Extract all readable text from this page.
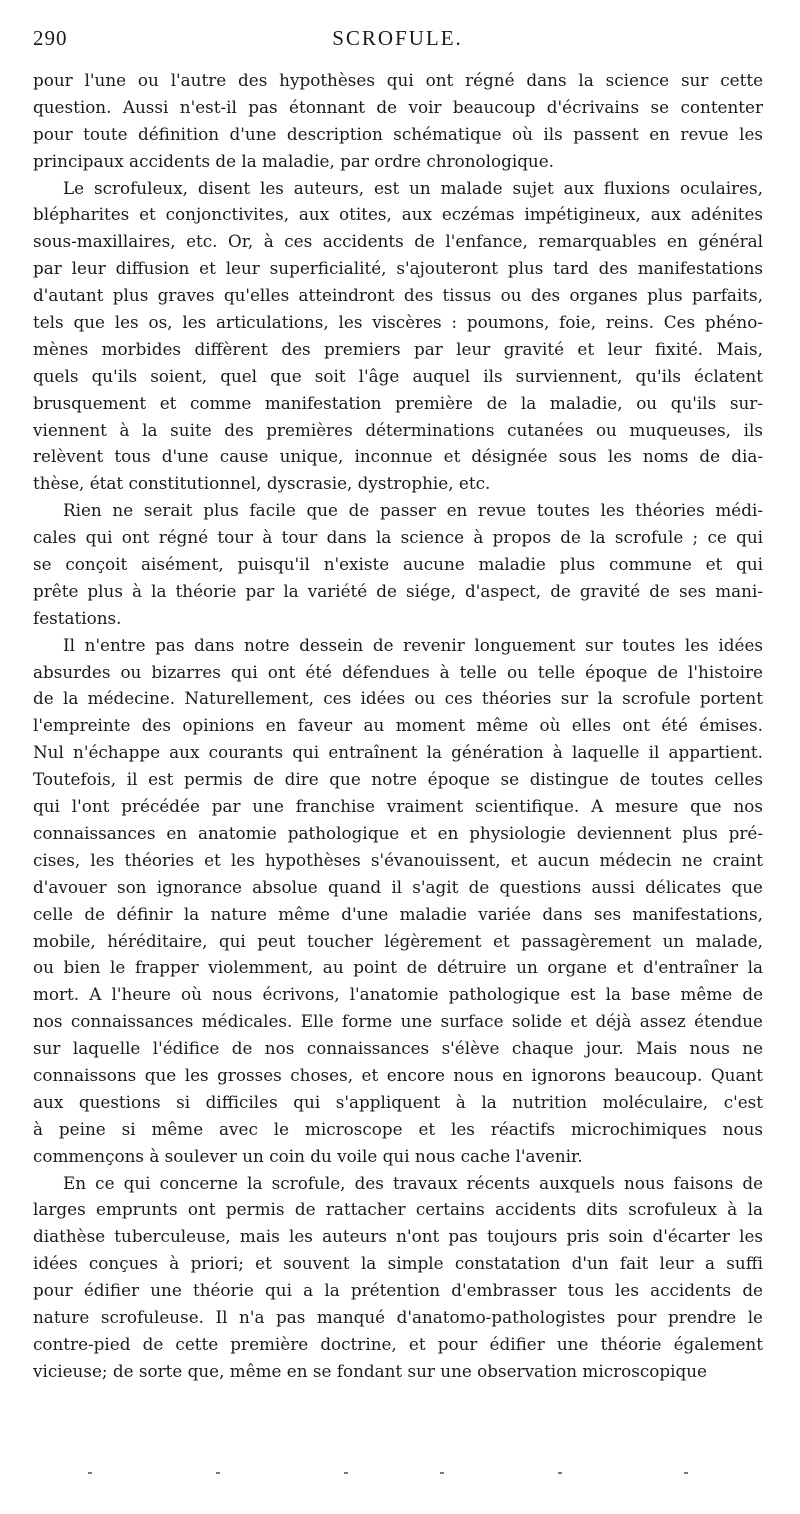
290	SCROFULE.
pour l'une ou l'autre des hypothèses qui ont régné dans la science sur cette
question. Aussi n'est-il pas étonnant de voir beaucoup d'écrivains se contenter
pour toute définition d'une description schématique où ils passent en revue les
principaux accidents de la maladie, par ordre chronologique.
Le scrofuleux, disent les auteurs, est un malade sujet aux fluxions oculaires,
blépharites et conjonctivites, aux otites, aux eczémas impétigineux, aux adénites
sous-maxillaires, etc. Or, à ces accidents de l'enfance, remarquables en général
par leur diffusion et leur superficialité, s'ajouteront plus tard des manifestations
d'autant plus graves qu'elles atteindront des tissus ou des organes plus parfaits,
tels que les os, les articulations, les viscères : poumons, foie, reins. Ces phéno-
mènes morbides diffèrent des premiers par leur gravité et leur fixité. Mais,
quels qu'ils soient, quel que soit l'âge auquel ils surviennent, qu'ils éclatent
brusquement et comme manifestation première de la maladie, ou qu'ils sur-
viennent à la suite des premières déterminations cutanées ou muqueuses, ils
relèvent tous d'une cause unique, inconnue et désignée sous les noms de dia-
thèse, état constitutionnel, dyscrasie, dystrophie, etc.
Rien ne serait plus facile que de passer en revue toutes les théories médi-
cales qui ont régné tour à tour dans la science à propos de la scrofule ; ce qui
se conçoit aisément, puisqu'il n'existe aucune maladie plus commune et qui
prête plus à la théorie par la variété de siége, d'aspect, de gravité de ses mani-
festations.
Il n'entre pas dans notre dessein de revenir longuement sur toutes les idées
absurdes ou bizarres qui ont été défendues à telle ou telle époque de l'histoire
de la médecine. Naturellement, ces idées ou ces théories sur la scrofule portent
l'empreinte des opinions en faveur au moment même où elles ont été émises.
Nul n'échappe aux courants qui entraînent la génération à laquelle il appartient.
Toutefois, il est permis de dire que notre époque se distingue de toutes celles
qui l'ont précédée par une franchise vraiment scientifique. A mesure que nos
connaissances en anatomie pathologique et en physiologie deviennent plus pré-
cises, les théories et les hypothèses s'évanouissent, et aucun médecin ne craint
d'avouer son ignorance absolue quand il s'agit de questions aussi délicates que
celle de définir la nature même d'une maladie variée dans ses manifestations,
mobile, héréditaire, qui peut toucher légèrement et passagèrement un malade,
ou bien le frapper violemment, au point de détruire un organe et d'entraîner la
mort. A l'heure où nous écrivons, l'anatomie pathologique est la base même de
nos connaissances médicales. Elle forme une surface solide et déjà assez étendue
sur laquelle l'édifice de nos connaissances s'élève chaque jour. Mais nous ne
connaissons que les grosses choses, et encore nous en ignorons beaucoup. Quant
aux questions si difficiles qui s'appliquent à la nutrition moléculaire, c'est
à peine si même avec le microscope et les réactifs microchimiques nous
commençons à soulever un coin du voile qui nous cache l'avenir.
En ce qui concerne la scrofule, des travaux récents auxquels nous faisons de
larges emprunts ont permis de rattacher certains accidents dits scrofuleux à la
diathèse tuberculeuse, mais les auteurs n'ont pas toujours pris soin d'écarter les
idées conçues à priori; et souvent la simple constatation d'un fait leur a suffi
pour édifier une théorie qui a la prétention d'embrasser tous les accidents de
nature scrofuleuse. Il n'a pas manqué d'anatomo-pathologistes pour prendre le
contre-pied de cette première doctrine, et pour édifier une théorie également
vicieuse; de sorte que, même en se fondant sur une observation microscopique
